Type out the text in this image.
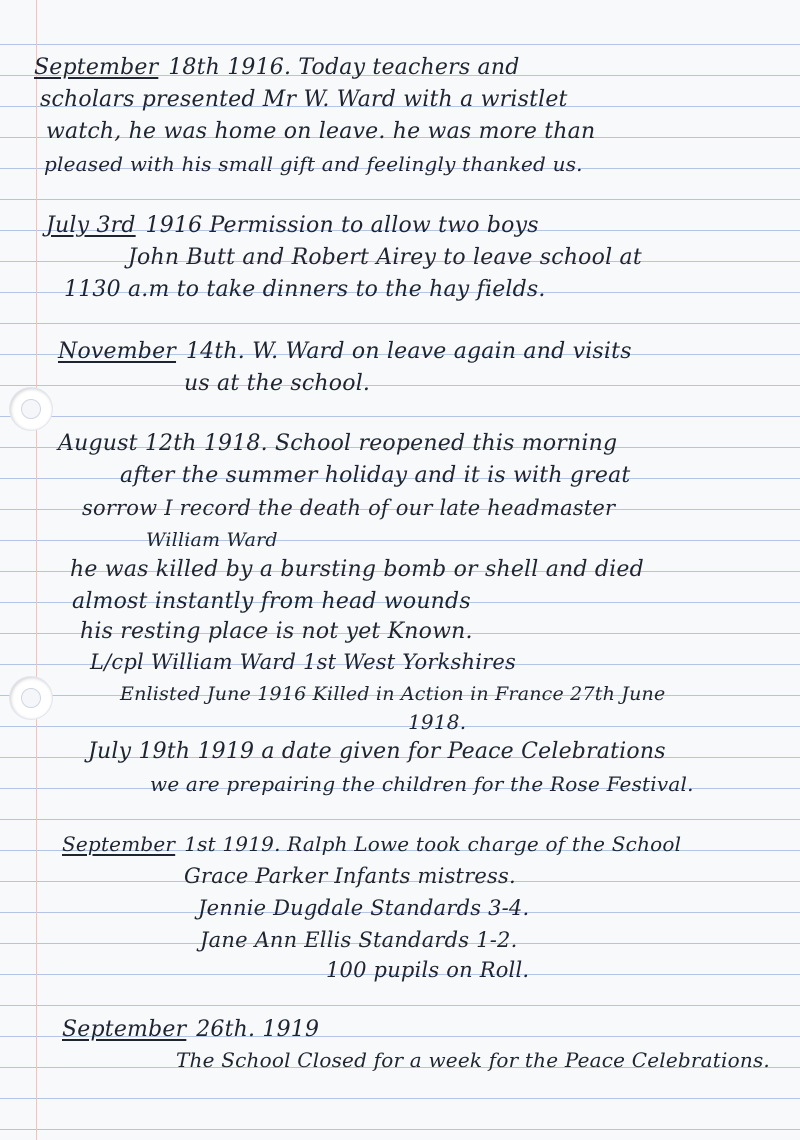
September 18th 1916. Today teachers and
scholars presented Mr W. Ward with a wristlet
watch, he was home on leave. he was more than
pleased with his small gift and feelingly thanked us.
July 3rd 1916 Permission to allow two boys
John Butt and Robert Airey to leave school at
1130 a.m to take dinners to the hay fields.
November 14th. W. Ward on leave again and visits
us at the school.
August 12th 1918. School reopened this morning
after the summer holiday and it is with great
sorrow I record the death of our late headmaster
William Ward
he was killed by a bursting bomb or shell and died
almost instantly from head wounds
his resting place is not yet Known.
L/cpl William Ward 1st West Yorkshires
Enlisted June 1916 Killed in Action in France 27th June
1918.
July 19th 1919 a date given for Peace Celebrations
we are prepairing the children for the Rose Festival.
September 1st 1919. Ralph Lowe took charge of the School
Grace Parker Infants mistress.
Jennie Dugdale Standards 3-4.
Jane Ann Ellis Standards 1-2.
100 pupils on Roll.
September 26th. 1919
The School Closed for a week for the Peace Celebrations.
